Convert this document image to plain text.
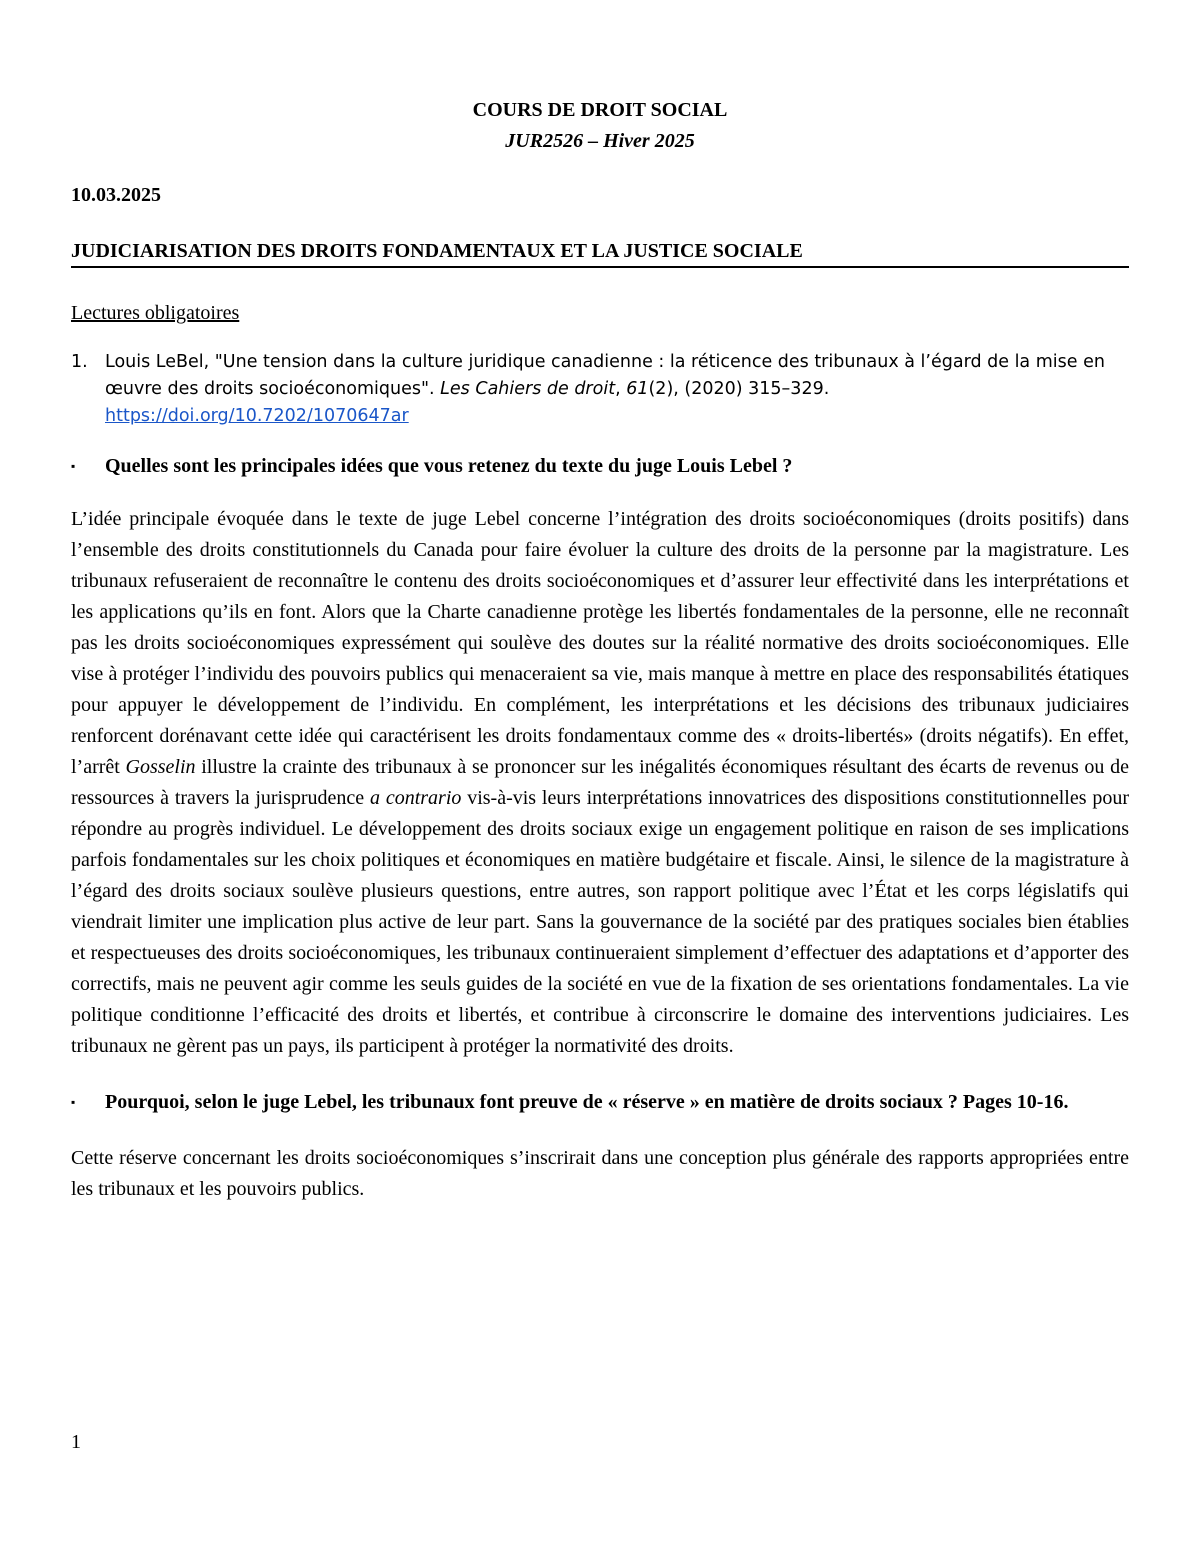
COURS DE DROIT SOCIAL
JUR2526 – Hiver 2025
10.03.2025
JUDICIARISATION DES DROITS FONDAMENTAUX ET LA JUSTICE SOCIALE
Lectures obligatoires
1. Louis LeBel, "Une tension dans la culture juridique canadienne : la réticence des tribunaux à l’égard de la mise en œuvre des droits socioéconomiques". Les Cahiers de droit, 61(2), (2020) 315–329. https://doi.org/10.7202/1070647ar
▪	Quelles sont les principales idées que vous retenez du texte du juge Louis Lebel ?
L’idée principale évoquée dans le texte de juge Lebel concerne l’intégration des droits socioéconomiques (droits positifs) dans l’ensemble des droits constitutionnels du Canada pour faire évoluer la culture des droits de la personne par la magistrature. Les tribunaux refuseraient de reconnaître le contenu des droits socioéconomiques et d’assurer leur effectivité dans les interprétations et les applications qu’ils en font. Alors que la Charte canadienne protège les libertés fondamentales de la personne, elle ne reconnaît pas les droits socioéconomiques expressément qui soulève des doutes sur la réalité normative des droits socioéconomiques. Elle vise à protéger l’individu des pouvoirs publics qui menaceraient sa vie, mais manque à mettre en place des responsabilités étatiques pour appuyer le développement de l’individu. En complément, les interprétations et les décisions des tribunaux judiciaires renforcent dorénavant cette idée qui caractérisent les droits fondamentaux comme des « droits-libertés» (droits négatifs). En effet, l’arrêt Gosselin illustre la crainte des tribunaux à se prononcer sur les inégalités économiques résultant des écarts de revenus ou de ressources à travers la jurisprudence a contrario vis-à-vis leurs interprétations innovatrices des dispositions constitutionnelles pour répondre au progrès individuel. Le développement des droits sociaux exige un engagement politique en raison de ses implications parfois fondamentales sur les choix politiques et économiques en matière budgétaire et fiscale. Ainsi, le silence de la magistrature à l’égard des droits sociaux soulève plusieurs questions, entre autres, son rapport politique avec l’État et les corps législatifs qui viendrait limiter une implication plus active de leur part. Sans la gouvernance de la société par des pratiques sociales bien établies et respectueuses des droits socioéconomiques, les tribunaux continueraient simplement d’effectuer des adaptations et d’apporter des correctifs, mais ne peuvent agir comme les seuls guides de la société en vue de la fixation de ses orientations fondamentales. La vie politique conditionne l’efficacité des droits et libertés, et contribue à circonscrire le domaine des interventions judiciaires. Les tribunaux ne gèrent pas un pays, ils participent à protéger la normativité des droits.
▪	Pourquoi, selon le juge Lebel, les tribunaux font preuve de « réserve » en matière de droits sociaux ? Pages 10-16.
Cette réserve concernant les droits socioéconomiques s’inscrirait dans une conception plus générale des rapports appropriées entre les tribunaux et les pouvoirs publics.
1
